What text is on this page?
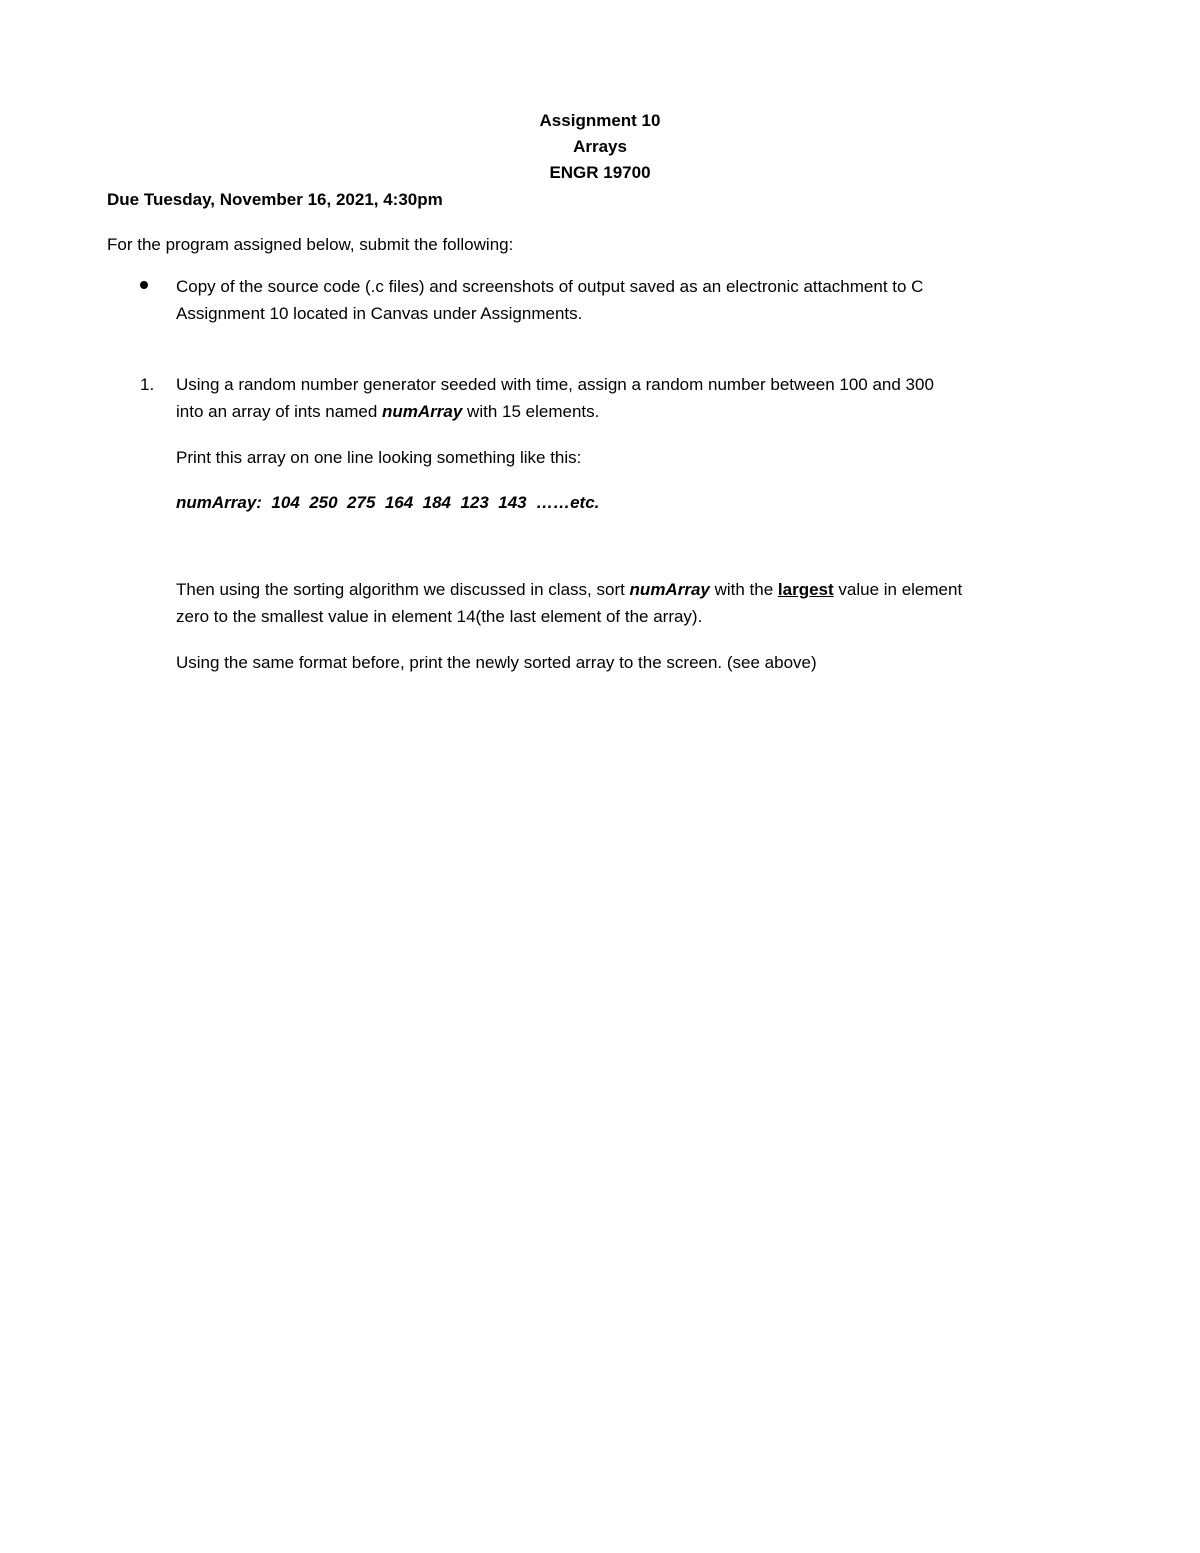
Assignment 10
Arrays
ENGR 19700
Due Tuesday, November 16, 2021, 4:30pm
For the program assigned below, submit the following:
Copy of the source code (.c files) and screenshots of output saved as an electronic attachment to C
Assignment 10 located in Canvas under Assignments.
1. Using a random number generator seeded with time, assign a random number between 100 and 300
into an array of ints named numArray with 15 elements.
Print this array on one line looking something like this:
numArray:  104  250  275  164  184  123  143  ……etc.
Then using the sorting algorithm we discussed in class, sort numArray with the largest value in element
zero to the smallest value in element 14(the last element of the array).
Using the same format before, print the newly sorted array to the screen. (see above)
